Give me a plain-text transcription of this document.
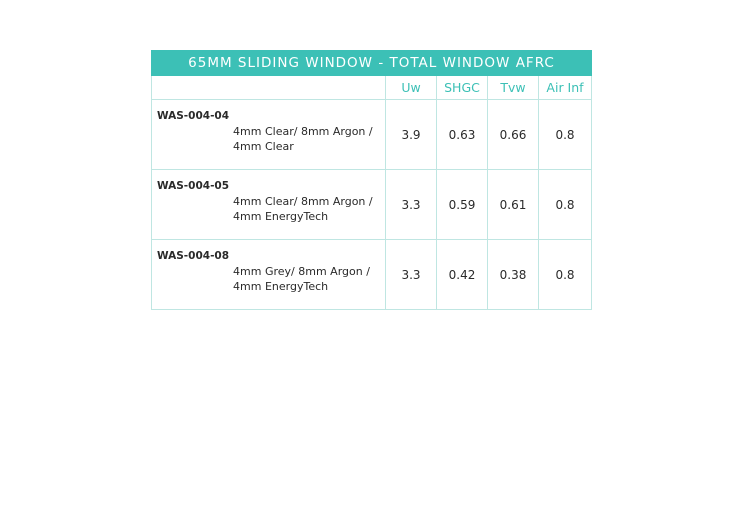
65MM SLIDING WINDOW - TOTAL WINDOW AFRC				
	Uw	SHGC	Tvw	Air Inf

WAS-004-04

4mm Clear/ 8mm Argon /

4mm Clear	3.9	0.63	0.66	0.8

WAS-004-05

4mm Clear/ 8mm Argon /

4mm EnergyTech	3.3	0.59	0.61	0.8

WAS-004-08

4mm Grey/ 8mm Argon /

4mm EnergyTech	3.3	0.42	0.38	0.8
